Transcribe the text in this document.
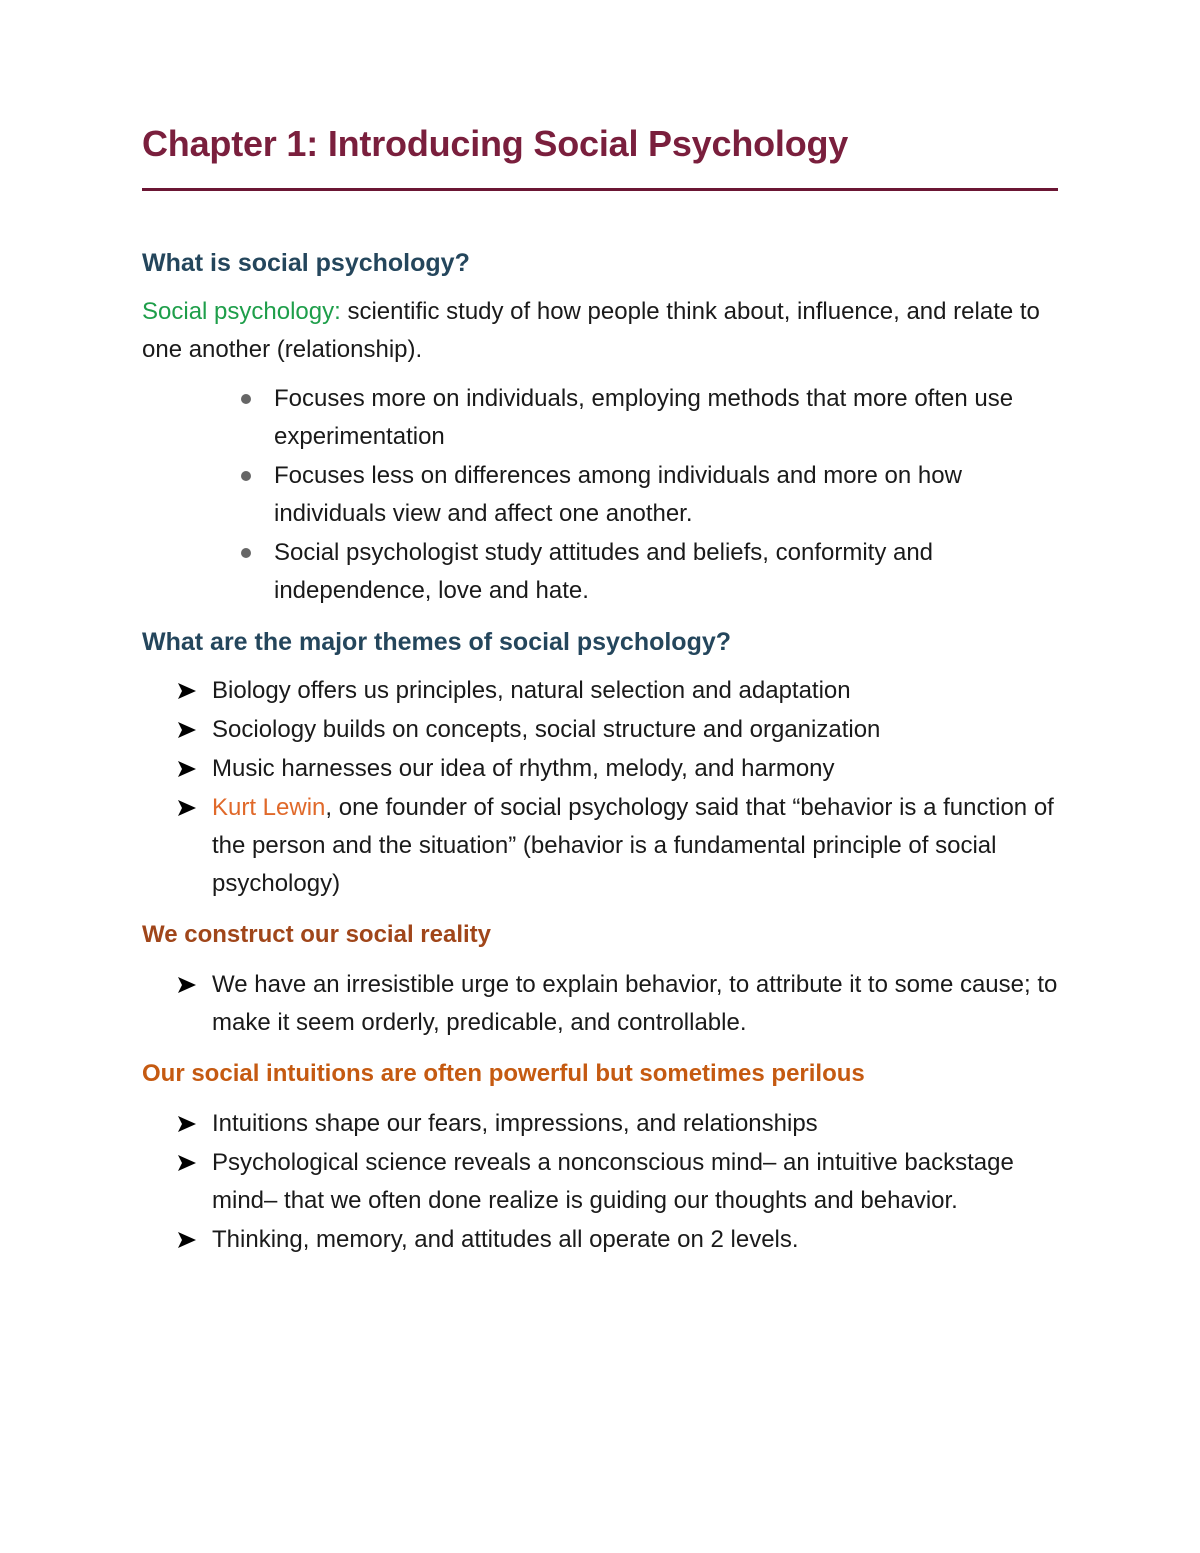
Chapter 1: Introducing Social Psychology
What is social psychology?

Social psychology: scientific study of how people think about, influence, and relate to one another (relationship).

Focuses more on individuals, employing methods that more often use experimentation
Focuses less on differences among individuals and more on how individuals view and affect one another.
Social psychologist study attitudes and beliefs, conformity and independence, love and hate.
What are the major themes of social psychology?
Biology offers us principles, natural selection and adaptation
Sociology builds on concepts, social structure and organization
Music harnesses our idea of rhythm, melody, and harmony
Kurt Lewin, one founder of social psychology said that “behavior is a function of the person and the situation” (behavior is a fundamental principle of social psychology)
We construct our social reality
We have an irresistible urge to explain behavior, to attribute it to some cause; to make it seem orderly, predicable, and controllable.
Our social intuitions are often powerful but sometimes perilous
Intuitions shape our fears, impressions, and relationships
Psychological science reveals a nonconscious mind– an intuitive backstage mind– that we often done realize is guiding our thoughts and behavior.
Thinking, memory, and attitudes all operate on 2 levels.
